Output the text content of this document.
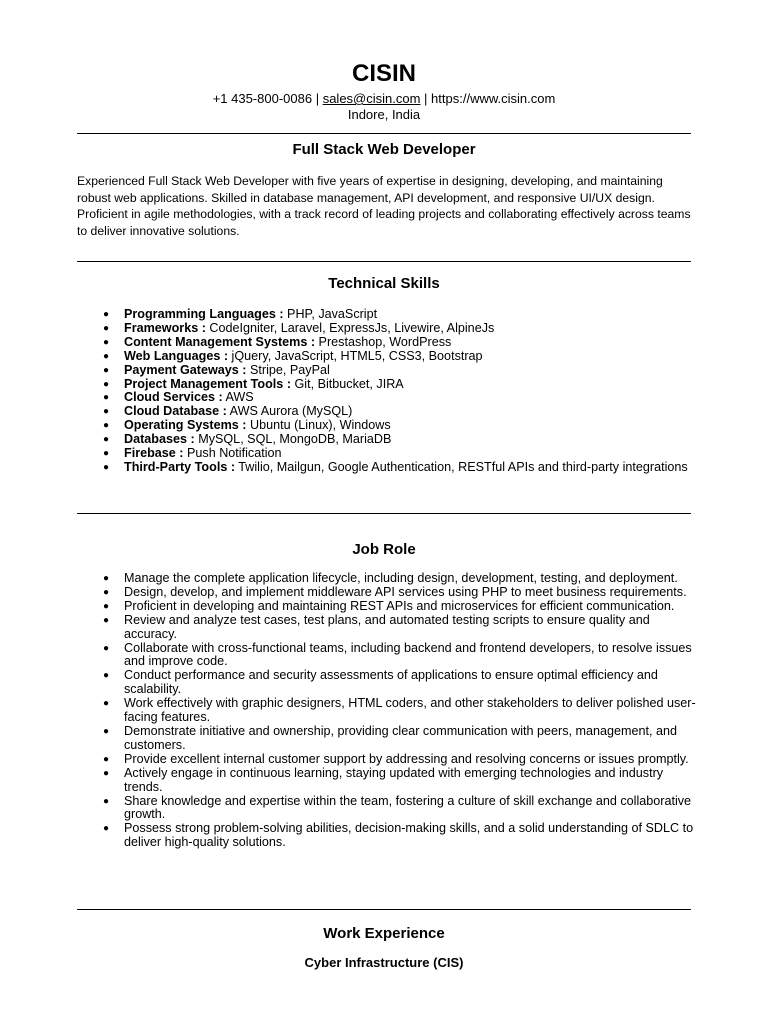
CISIN
+1 435-800-0086 | sales@cisin.com | https://www.cisin.com
Indore, India
Full Stack Web Developer

Experienced Full Stack Web Developer with five years of expertise in designing, developing, and maintaining robust web applications. Skilled in database management, API development, and responsive UI/UX design. Proficient in agile methodologies, with a track record of leading projects and collaborating effectively across teams to deliver innovative solutions.

Technical Skills
● Programming Languages : PHP, JavaScript
● Frameworks : CodeIgniter, Laravel, ExpressJs, Livewire, AlpineJs
● Content Management Systems : Prestashop, WordPress
● Web Languages : jQuery, JavaScript, HTML5, CSS3, Bootstrap
● Payment Gateways : Stripe, PayPal
● Project Management Tools : Git, Bitbucket, JIRA
● Cloud Services : AWS
● Cloud Database : AWS Aurora (MySQL)
● Operating Systems : Ubuntu (Linux), Windows
● Databases : MySQL, SQL, MongoDB, MariaDB
● Firebase : Push Notification
● Third-Party Tools : Twilio, Mailgun, Google Authentication, RESTful APIs and third-party integrations
Job Role
● Manage the complete application lifecycle, including design, development, testing, and deployment.
● Design, develop, and implement middleware API services using PHP to meet business requirements.
● Proficient in developing and maintaining REST APIs and microservices for efficient communication.
● Review and analyze test cases, test plans, and automated testing scripts to ensure quality and accuracy.
● Collaborate with cross-functional teams, including backend and frontend developers, to resolve issues and improve code.
● Conduct performance and security assessments of applications to ensure optimal efficiency and scalability.
● Work effectively with graphic designers, HTML coders, and other stakeholders to deliver polished user-facing features.
● Demonstrate initiative and ownership, providing clear communication with peers, management, and customers.
● Provide excellent internal customer support by addressing and resolving concerns or issues promptly.
● Actively engage in continuous learning, staying updated with emerging technologies and industry trends.
● Share knowledge and expertise within the team, fostering a culture of skill exchange and collaborative growth.
● Possess strong problem-solving abilities, decision-making skills, and a solid understanding of SDLC to deliver high-quality solutions.
Work Experience
Cyber Infrastructure (CIS)
